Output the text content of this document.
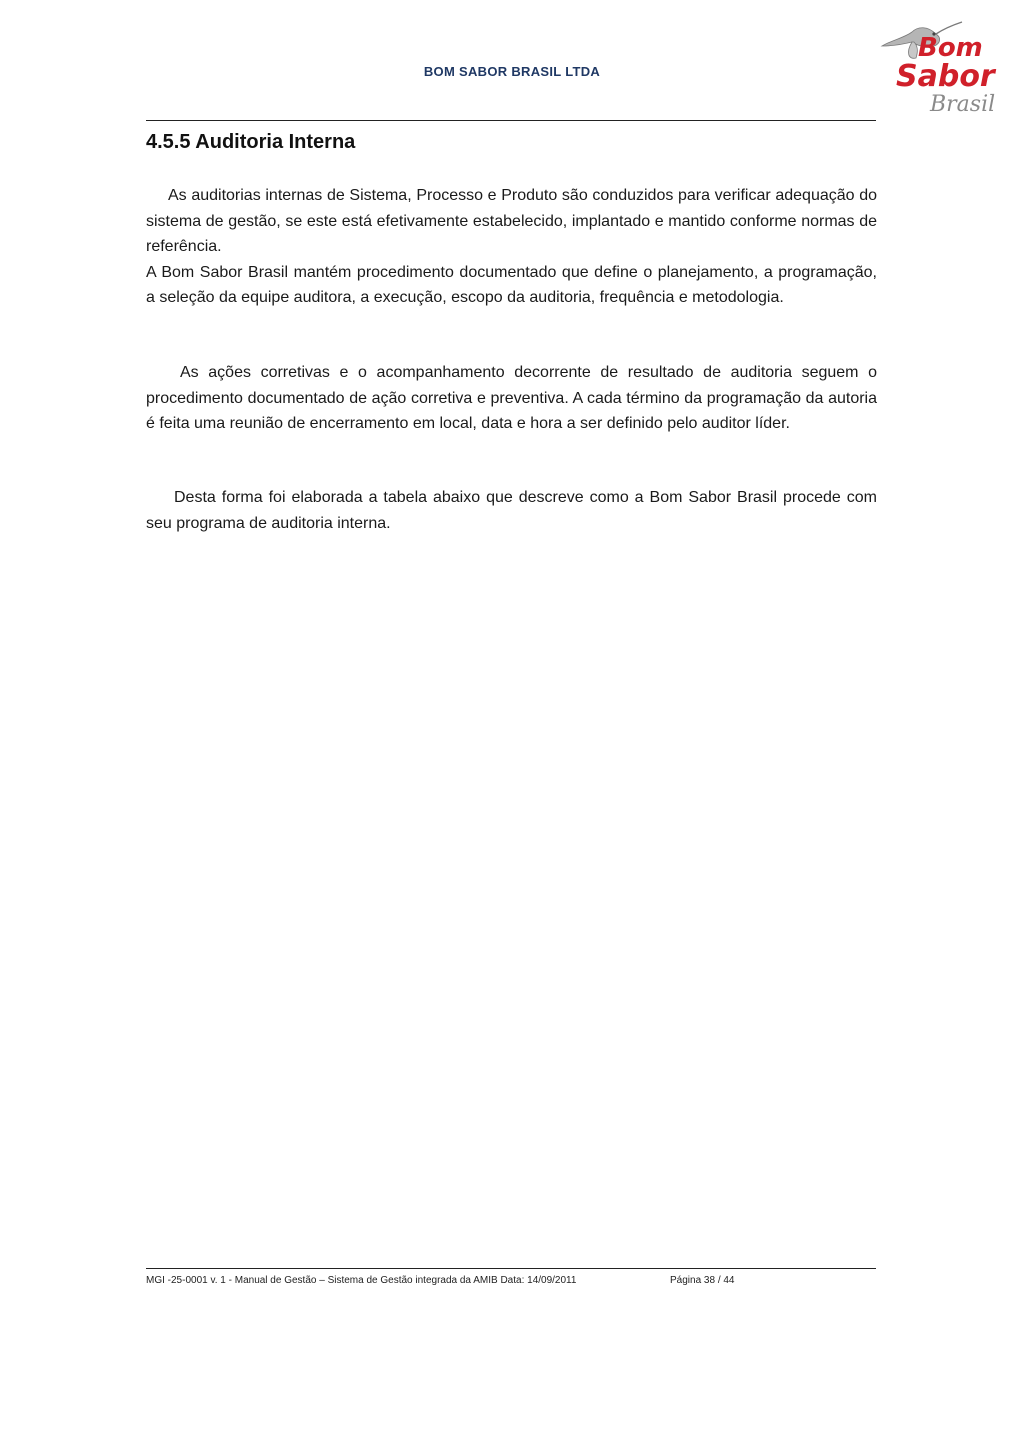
BOM SABOR BRASIL LTDA
Bom
Sabor
Brasil
4.5.5 Auditoria Interna
As auditorias internas de Sistema, Processo e Produto são conduzidos para verificar adequação do sistema de gestão, se este está efetivamente estabelecido, implantado e mantido conforme normas de referência.
A Bom Sabor Brasil mantém procedimento documentado que define o planejamento, a programação, a seleção da equipe auditora, a execução, escopo da auditoria, frequência e metodologia.
As ações corretivas e o acompanhamento decorrente de resultado de auditoria seguem o procedimento documentado de ação corretiva e preventiva. A cada término da programação da autoria é feita uma reunião de encerramento em local, data e hora a ser definido pelo auditor líder.
Desta forma foi elaborada a tabela abaixo que descreve como a Bom Sabor Brasil procede com seu programa de auditoria interna.
MGI -25-0001 v. 1 - Manual de Gestão – Sistema de Gestão integrada da AMIB Data: 14/09/2011	Página 38 / 44
